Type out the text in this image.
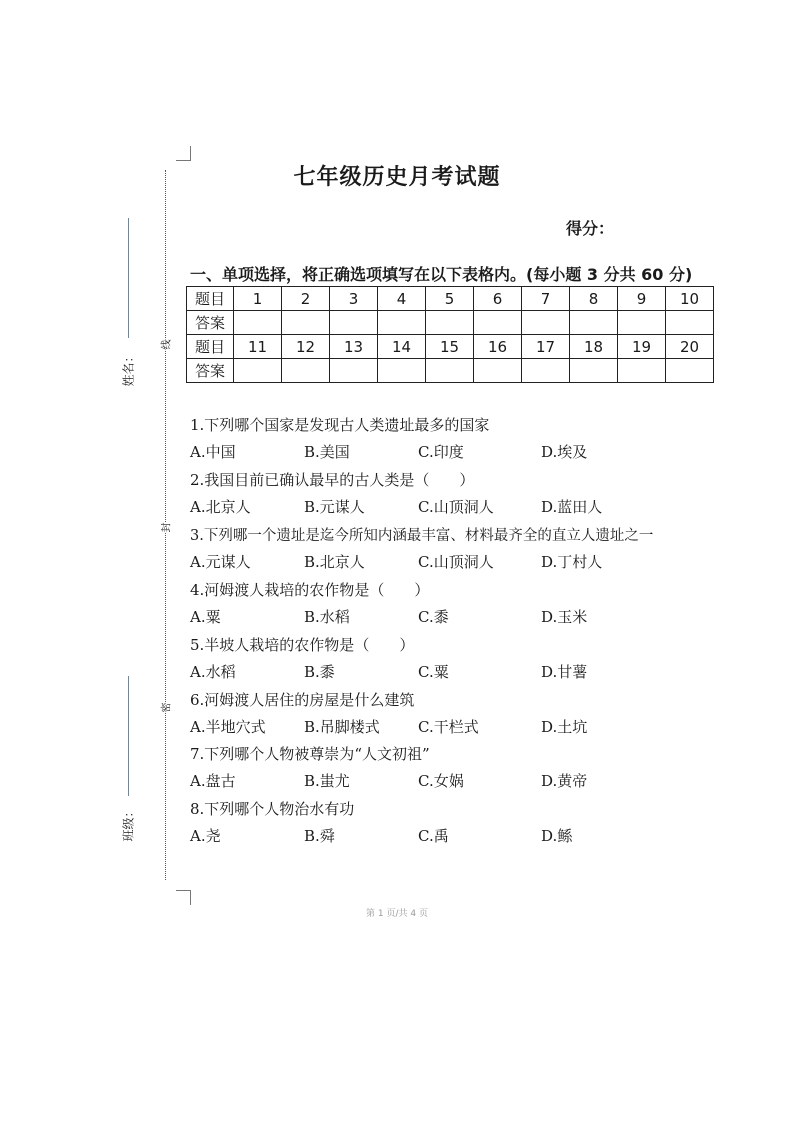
姓名：
班级：
线
封
密
七年级历史月考试题
得分：
一、单项选择，将正确选项填写在以下表格内。(每小题 3 分共 60 分)
题目	1	2	3	4	5	6	7	8	9	10
答案										
题目	11	12	13	14	15	16	17	18	19	20
答案										
1.下列哪个国家是发现古人类遗址最多的国家
A.中国	B.美国	C.印度	D.埃及
2.我国目前已确认最早的古人类是（　　）
A.北京人	B.元谋人	C.山顶洞人	D.蓝田人
3.下列哪一个遗址是迄今所知内涵最丰富、材料最齐全的直立人遗址之一
A.元谋人	B.北京人	C.山顶洞人	D.丁村人
4.河姆渡人栽培的农作物是（　　）
A.粟	B.水稻	C.黍	D.玉米
5.半坡人栽培的农作物是（　　）
A.水稻	B.黍	C.粟	D.甘薯
6.河姆渡人居住的房屋是什么建筑
A.半地穴式	B.吊脚楼式	C.干栏式	D.土坑
7.下列哪个人物被尊崇为“人文初祖”
A.盘古	B.蚩尤	C.女娲	D.黄帝
8.下列哪个人物治水有功
A.尧	B.舜	C.禹	D.鲧
第 1 页/共 4 页
